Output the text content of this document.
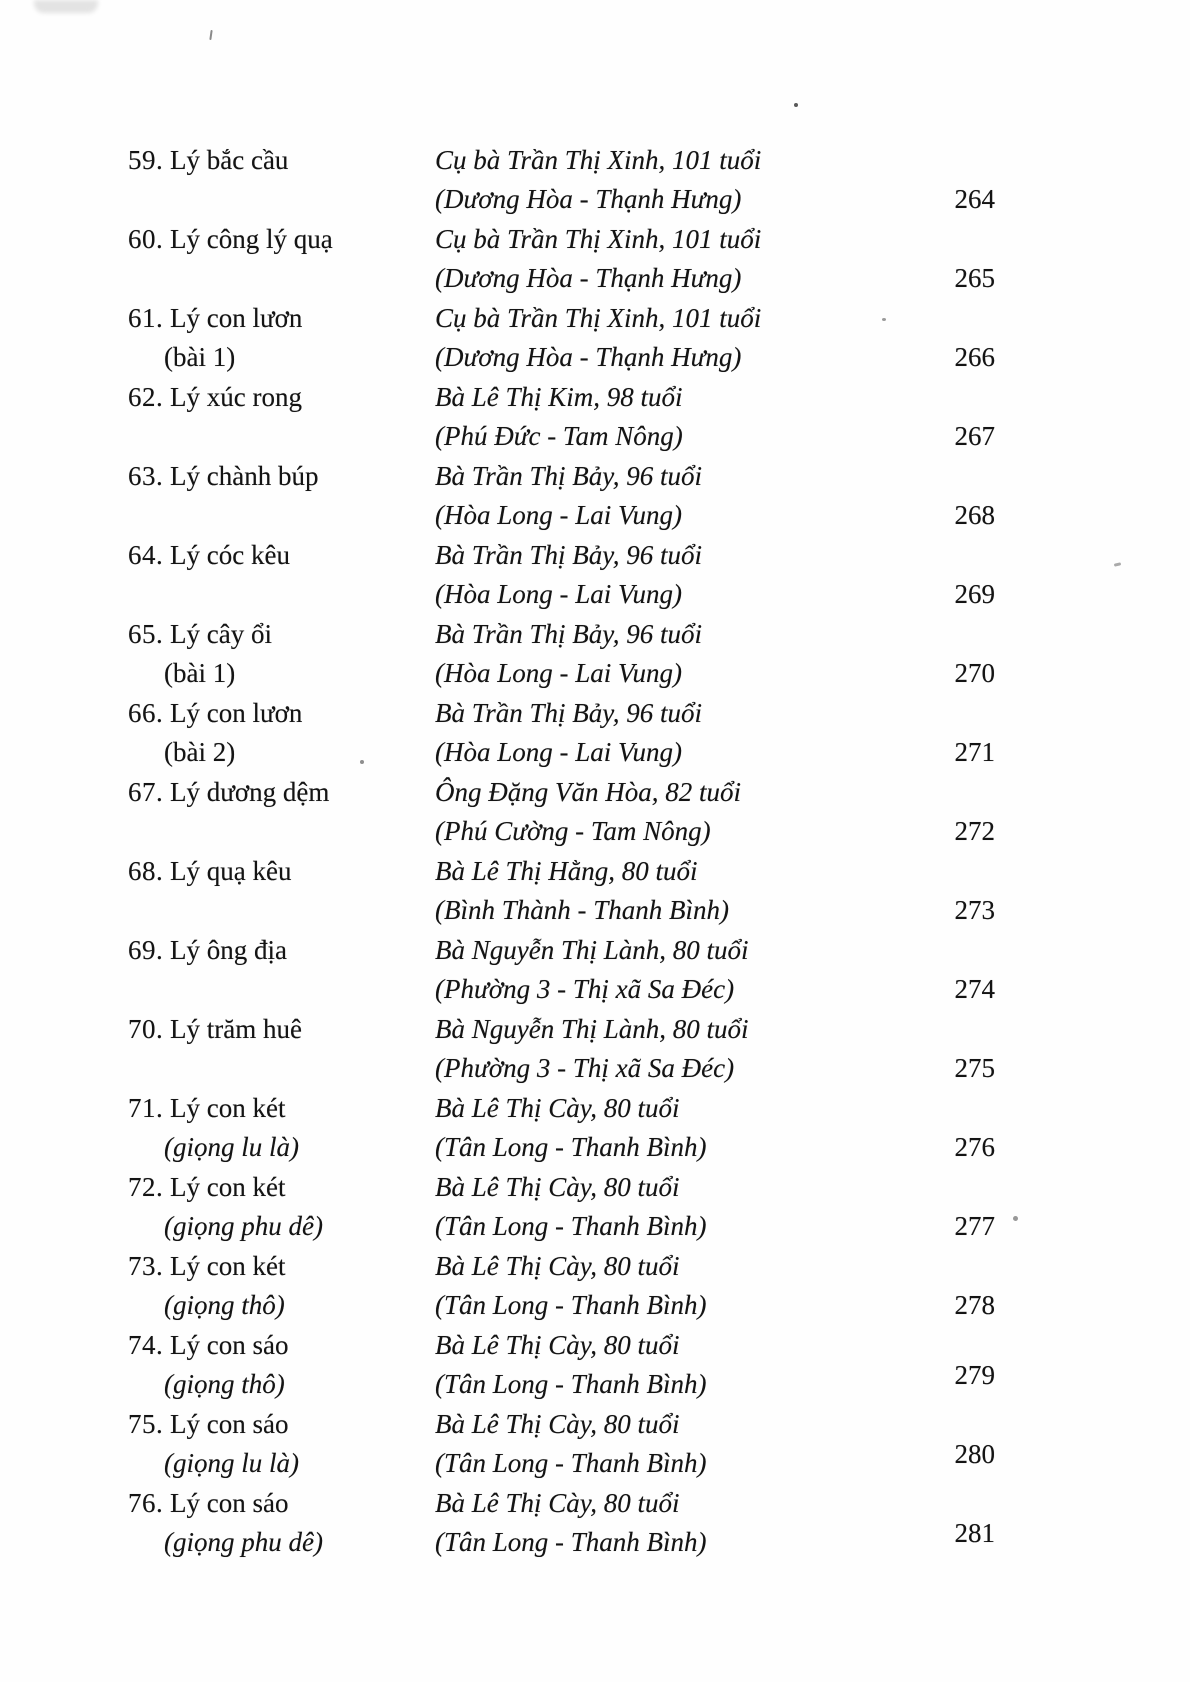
59. Lý bắc cầu	Cụ bà Trần Thị Xinh, 101 tuổi
(Dương Hòa - Thạnh Hưng)	264
60. Lý công lý quạ	Cụ bà Trần Thị Xinh, 101 tuổi
(Dương Hòa - Thạnh Hưng)	265
61. Lý con lươn	Cụ bà Trần Thị Xinh, 101 tuổi
(bài 1)	(Dương Hòa - Thạnh Hưng)	266
62. Lý xúc rong	Bà Lê Thị Kim, 98 tuổi
(Phú Đức - Tam Nông)	267
63. Lý chành búp	Bà Trần Thị Bảy, 96 tuổi
(Hòa Long - Lai Vung)	268
64. Lý cóc kêu	Bà Trần Thị Bảy, 96 tuổi
(Hòa Long - Lai Vung)	269
65. Lý cây ổi	Bà Trần Thị Bảy, 96 tuổi
(bài 1)	(Hòa Long - Lai Vung)	270
66. Lý con lươn	Bà Trần Thị Bảy, 96 tuổi
(bài 2)	(Hòa Long - Lai Vung)	271
67. Lý dương dệm	Ông Đặng Văn Hòa, 82 tuổi
(Phú Cường - Tam Nông)	272
68. Lý quạ kêu	Bà Lê Thị Hằng, 80 tuổi
(Bình Thành - Thanh Bình)	273
69. Lý ông địa	Bà Nguyễn Thị Lành, 80 tuổi
(Phường 3 - Thị xã Sa Đéc)	274
70. Lý trăm huê	Bà Nguyễn Thị Lành, 80 tuổi
(Phường 3 - Thị xã Sa Đéc)	275
71. Lý con két	Bà Lê Thị Cày, 80 tuổi
(giọng lu là)	(Tân Long - Thanh Bình)	276
72. Lý con két	Bà Lê Thị Cày, 80 tuổi
(giọng phu dê)	(Tân Long - Thanh Bình)	277
73. Lý con két	Bà Lê Thị Cày, 80 tuổi
(giọng thô)	(Tân Long - Thanh Bình)	278
74. Lý con sáo	Bà Lê Thị Cày, 80 tuổi
(giọng thô)	(Tân Long - Thanh Bình)	279
75. Lý con sáo	Bà Lê Thị Cày, 80 tuổi
(giọng lu là)	(Tân Long - Thanh Bình)	280
76. Lý con sáo	Bà Lê Thị Cày, 80 tuổi
(giọng phu dê)	(Tân Long - Thanh Bình)	281
